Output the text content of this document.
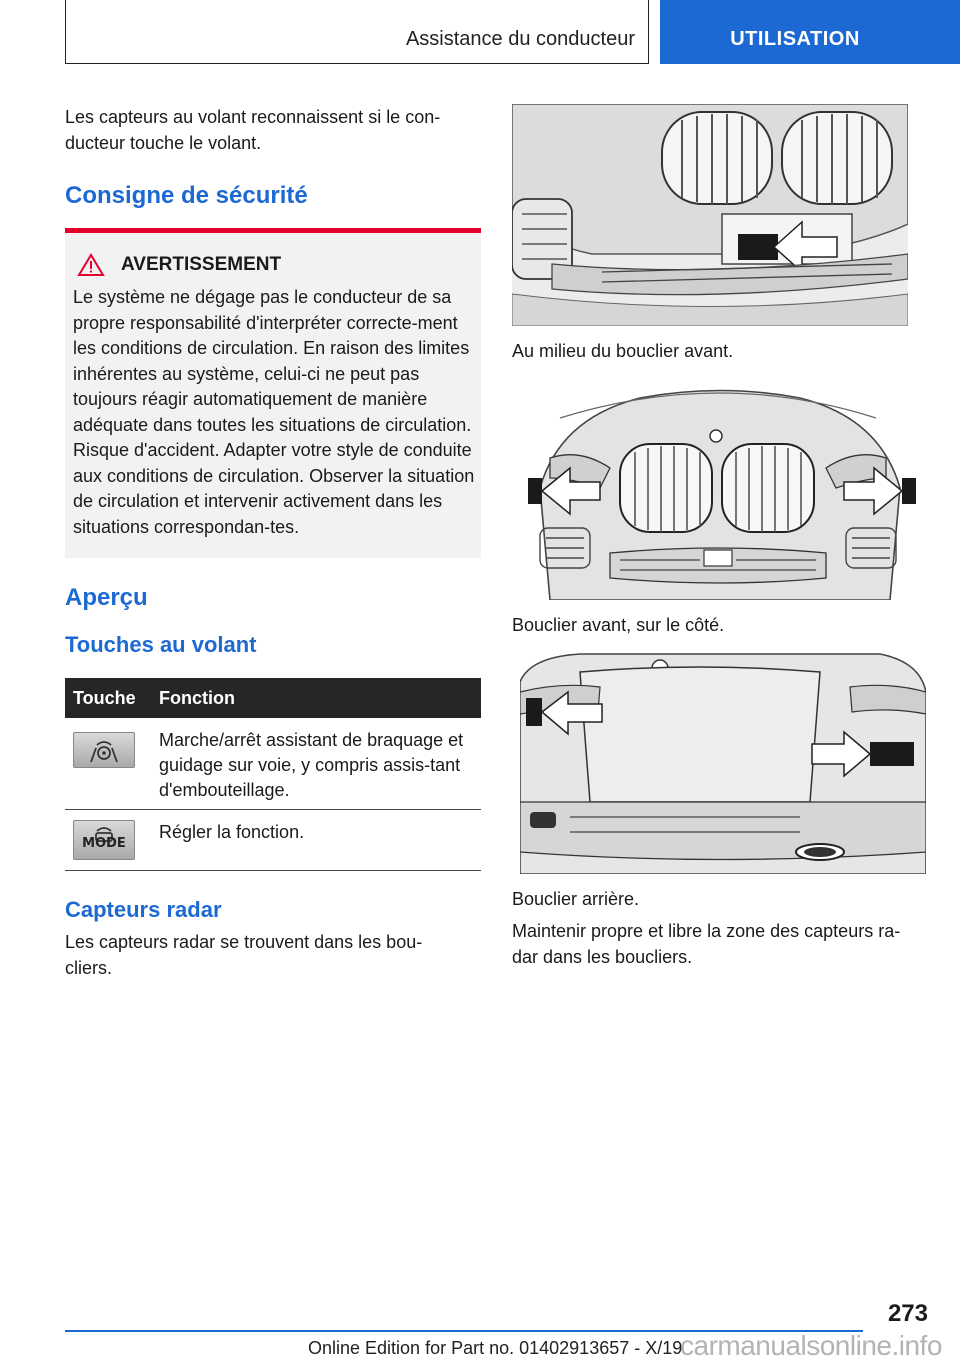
Assistance du conducteur	UTILISATION

Les capteurs au volant reconnaissent si le con-ducteur touche le volant.

Consigne de sécurité
AVERTISSEMENT

Le système ne dégage pas le conducteur de sa propre responsabilité d'interpréter correcte-ment les conditions de circulation. En raison des limites inhérentes au système, celui-ci ne peut pas toujours réagir automatiquement de manière adéquate dans toutes les situations de circulation. Risque d'accident. Adapter votre style de conduite aux conditions de circulation. Observer la situation de circulation et intervenir activement dans les situations correspondan-tes.

Aperçu
Touches au volant
Touche	Fonction

	Marche/arrêt assistant de braquage et guidage sur voie, y compris assis-tant d'embouteillage.

MODE	Régler la fonction.
Capteurs radar

Les capteurs radar se trouvent dans les bou-cliers.

Au milieu du bouclier avant.

Bouclier avant, sur le côté.

Bouclier arrière.

Maintenir propre et libre la zone des capteurs ra-dar dans les boucliers.

273
Online Edition for Part no. 01402913657 - X/19
carmanualsonline.info
